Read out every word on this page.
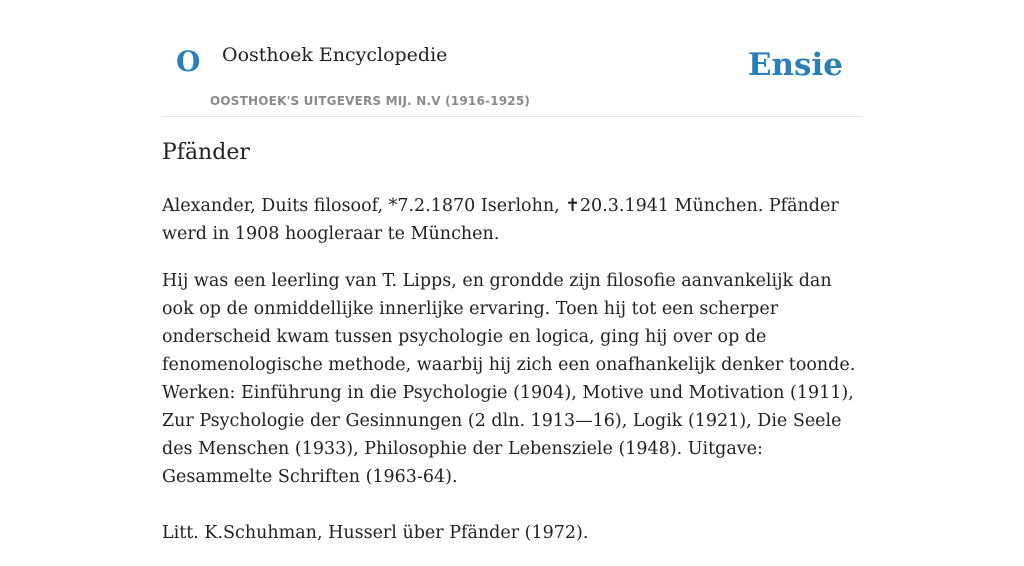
O Oosthoek Encyclopedie
OOSTHOEK'S UITGEVERS MIJ. N.V (1916-1925)
Ensie
Pfänder

Alexander, Duits filosoof, *7.2.1870 Iserlohn, ✝20.3.1941 München. Pfänder werd in 1908 hoogleraar te München.

Hij was een leerling van T. Lipps, en grondde zijn filosofie aanvankelijk dan ook op de onmiddellijke innerlijke ervaring. Toen hij tot een scherper onderscheid kwam tussen psychologie en logica, ging hij over op de fenomenologische methode, waarbij hij zich een onafhankelijk denker toonde. Werken: Einführung in die Psychologie (1904), Motive und Motivation (1911), Zur Psychologie der Gesinnungen (2 dln. 1913—16), Logik (1921), Die Seele des Menschen (1933), Philosophie der Lebensziele (1948). Uitgave: Gesammelte Schriften (1963-64).

Litt. K.Schuhman, Husserl über Pfänder (1972).
